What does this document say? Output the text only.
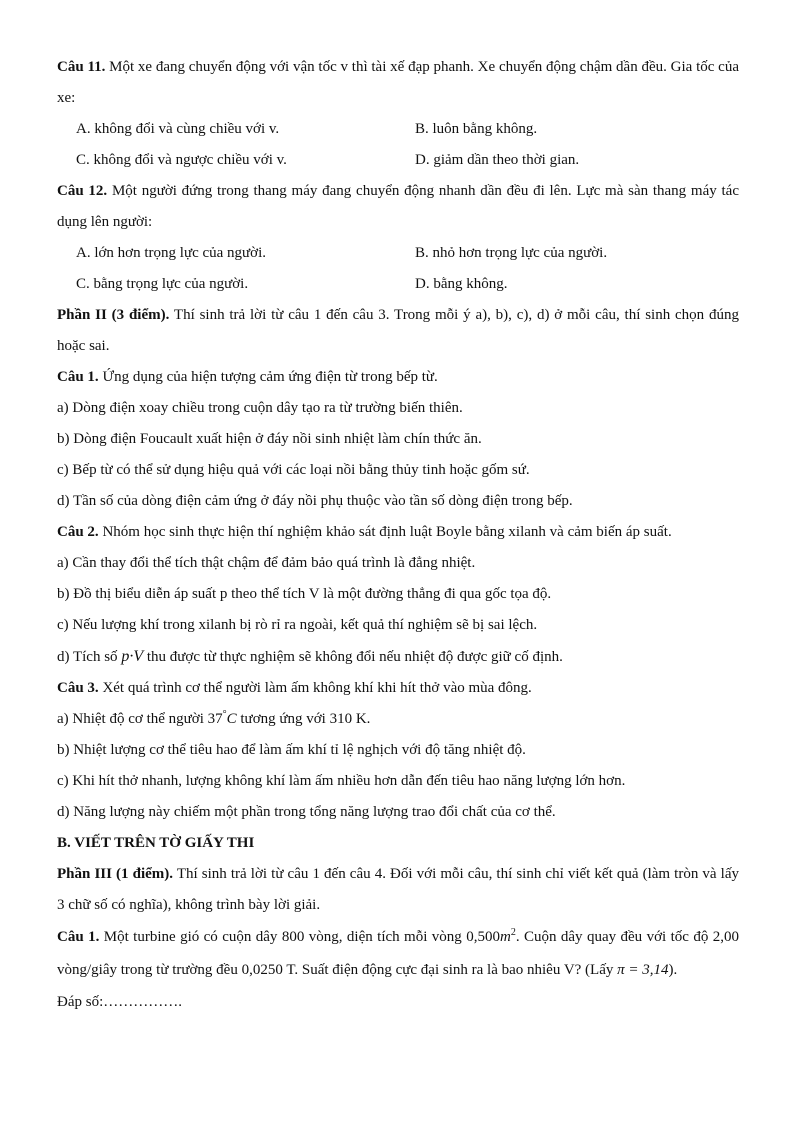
Câu 11. Một xe đang chuyển động với vận tốc v thì tài xế đạp phanh. Xe chuyển động chậm dần đều. Gia tốc của xe:

A. không đổi và cùng chiều với v.	B. luôn bằng không.
C. không đổi và ngược chiều với v.	D. giảm dần theo thời gian.

Câu 12. Một người đứng trong thang máy đang chuyển động nhanh dần đều đi lên. Lực mà sàn thang máy tác dụng lên người:

A. lớn hơn trọng lực của người.	B. nhỏ hơn trọng lực của người.
C. bằng trọng lực của người.	D. bằng không.

Phần II (3 điểm). Thí sinh trả lời từ câu 1 đến câu 3. Trong mỗi ý a), b), c), d) ở mỗi câu, thí sinh chọn đúng hoặc sai.

Câu 1. Ứng dụng của hiện tượng cảm ứng điện từ trong bếp từ.

a) Dòng điện xoay chiều trong cuộn dây tạo ra từ trường biến thiên.

b) Dòng điện Foucault xuất hiện ở đáy nồi sinh nhiệt làm chín thức ăn.

c) Bếp từ có thể sử dụng hiệu quả với các loại nồi bằng thủy tinh hoặc gốm sứ.

d) Tần số của dòng điện cảm ứng ở đáy nồi phụ thuộc vào tần số dòng điện trong bếp.

Câu 2. Nhóm học sinh thực hiện thí nghiệm khảo sát định luật Boyle bằng xilanh và cảm biến áp suất.

a) Cần thay đổi thể tích thật chậm để đảm bảo quá trình là đẳng nhiệt.

b) Đồ thị biểu diễn áp suất p theo thể tích V là một đường thẳng đi qua gốc tọa độ.

c) Nếu lượng khí trong xilanh bị rò rỉ ra ngoài, kết quả thí nghiệm sẽ bị sai lệch.

d) Tích số p·V thu được từ thực nghiệm sẽ không đổi nếu nhiệt độ được giữ cố định.

Câu 3. Xét quá trình cơ thể người làm ấm không khí khi hít thở vào mùa đông.

a) Nhiệt độ cơ thể người 37°C tương ứng với 310 K.

b) Nhiệt lượng cơ thể tiêu hao để làm ấm khí tỉ lệ nghịch với độ tăng nhiệt độ.

c) Khi hít thở nhanh, lượng không khí làm ấm nhiều hơn dẫn đến tiêu hao năng lượng lớn hơn.

d) Năng lượng này chiếm một phần trong tổng năng lượng trao đổi chất của cơ thể.

B. VIẾT TRÊN TỜ GIẤY THI

Phần III (1 điểm). Thí sinh trả lời từ câu 1 đến câu 4. Đối với mỗi câu, thí sinh chỉ viết kết quả (làm tròn và lấy 3 chữ số có nghĩa), không trình bày lời giải.

Câu 1. Một turbine gió có cuộn dây 800 vòng, diện tích mỗi vòng $0,500m^2$. Cuộn dây quay đều với tốc độ 2,00 vòng/giây trong từ trường đều 0,0250 T. Suất điện động cực đại sinh ra là bao nhiêu V? (Lấy π = 3,14).

Đáp số:…………….
